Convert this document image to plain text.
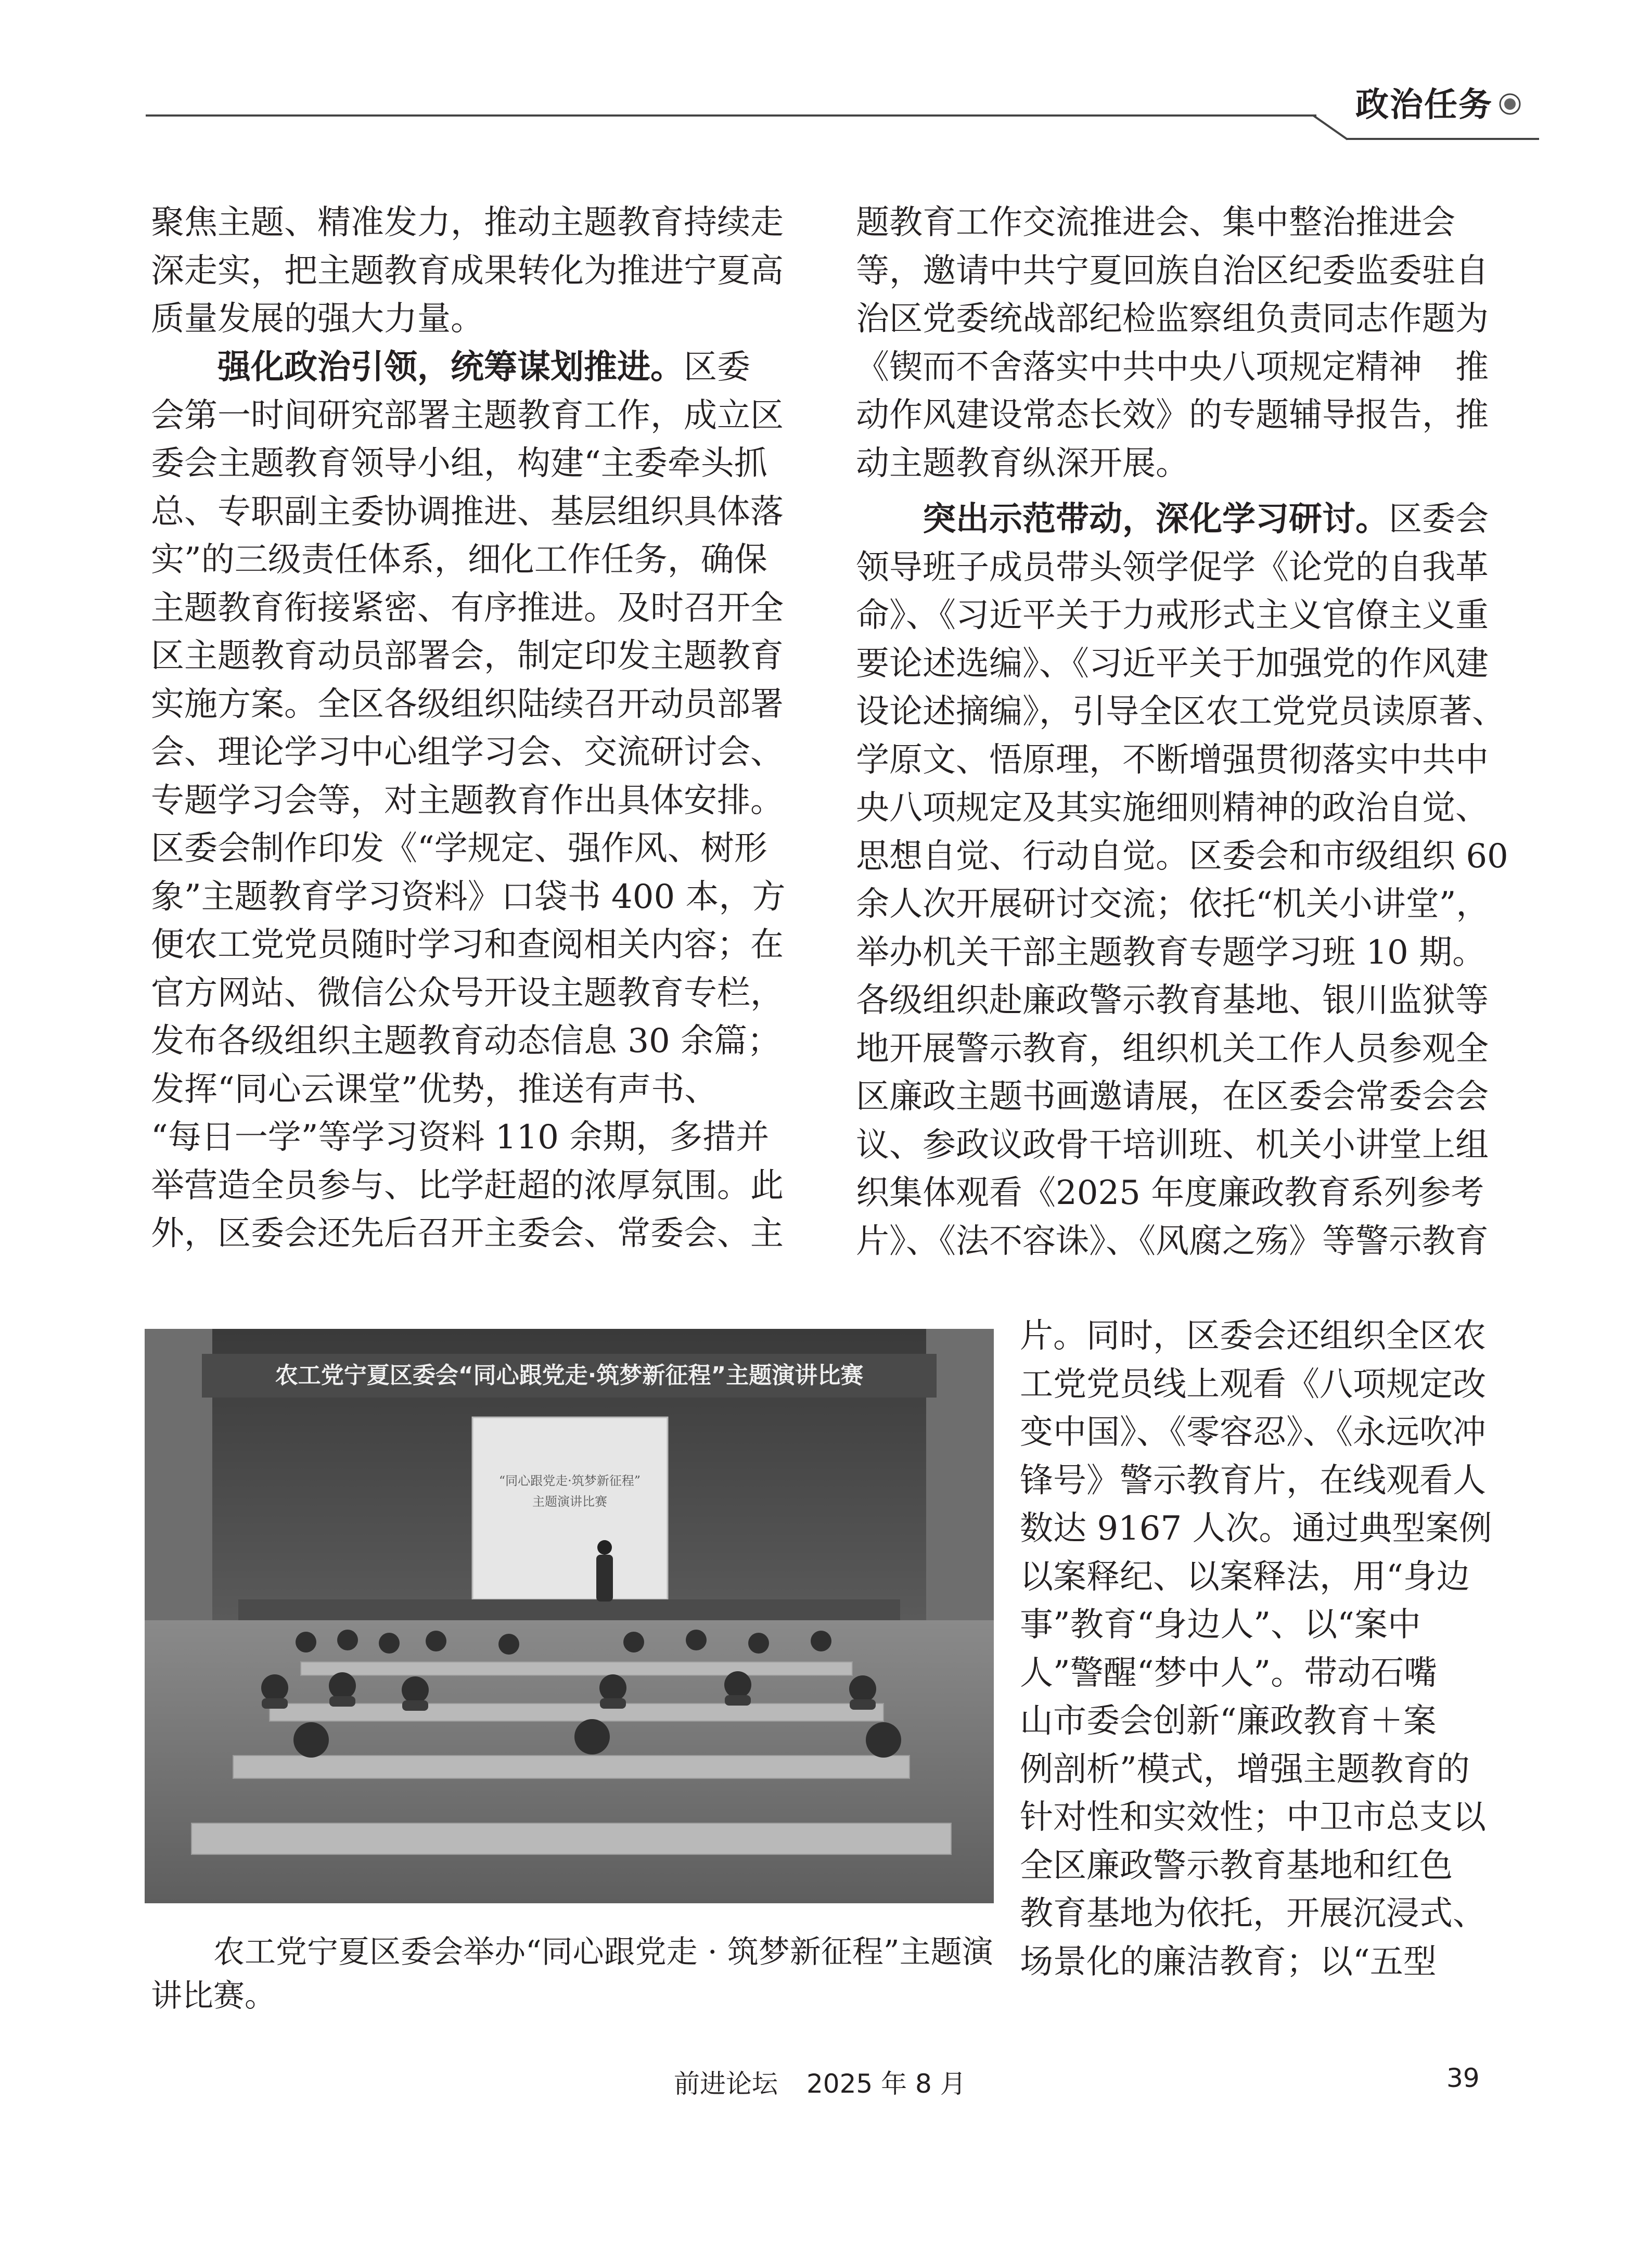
政治任务
聚焦主题、精准发力，推动主题教育持续走
深走实，把主题教育成果转化为推进宁夏高
质量发展的强大力量。
强化政治引领，统筹谋划推进。区委
会第一时间研究部署主题教育工作，成立区
委会主题教育领导小组，构建“主委牵头抓
总、专职副主委协调推进、基层组织具体落
实”的三级责任体系，细化工作任务，确保
主题教育衔接紧密、有序推进。及时召开全
区主题教育动员部署会，制定印发主题教育
实施方案。全区各级组织陆续召开动员部署
会、理论学习中心组学习会、交流研讨会、
专题学习会等，对主题教育作出具体安排。
区委会制作印发《“学规定、强作风、树形
象”主题教育学习资料》口袋书 400 本，方
便农工党党员随时学习和查阅相关内容；在
官方网站、微信公众号开设主题教育专栏，
发布各级组织主题教育动态信息 30 余篇；
发挥“同心云课堂”优势，推送有声书、
“每日一学”等学习资料 110 余期，多措并
举营造全员参与、比学赶超的浓厚氛围。此
外，区委会还先后召开主委会、常委会、主
题教育工作交流推进会、集中整治推进会
等，邀请中共宁夏回族自治区纪委监委驻自
治区党委统战部纪检监察组负责同志作题为
《锲而不舍落实中共中央八项规定精神　推
动作风建设常态长效》的专题辅导报告，推
动主题教育纵深开展。
突出示范带动，深化学习研讨。区委会
领导班子成员带头领学促学《论党的自我革
命》、《习近平关于力戒形式主义官僚主义重
要论述选编》、《习近平关于加强党的作风建
设论述摘编》，引导全区农工党党员读原著、
学原文、悟原理，不断增强贯彻落实中共中
央八项规定及其实施细则精神的政治自觉、
思想自觉、行动自觉。区委会和市级组织 60
余人次开展研讨交流；依托“机关小讲堂”，
举办机关干部主题教育专题学习班 10 期。
各级组织赴廉政警示教育基地、银川监狱等
地开展警示教育，组织机关工作人员参观全
区廉政主题书画邀请展，在区委会常委会会
议、参政议政骨干培训班、机关小讲堂上组
织集体观看《2025 年度廉政教育系列参考
片》、《法不容诛》、《风腐之殇》等警示教育
片。同时，区委会还组织全区农
工党党员线上观看《八项规定改
变中国》、《零容忍》、《永远吹冲
锋号》警示教育片，在线观看人
数达 9167 人次。通过典型案例
以案释纪、以案释法，用“身边
事”教育“身边人”、以“案中
人”警醒“梦中人”。带动石嘴
山市委会创新“廉政教育＋案
例剖析”模式，增强主题教育的
针对性和实效性；中卫市总支以
全区廉政警示教育基地和红色
教育基地为依托，开展沉浸式、
场景化的廉洁教育；以“五型
农工党宁夏区委会“同心跟党走·筑梦新征程”主题演讲比赛
“同心跟党走·筑梦新征程”
主题演讲比赛
农工党宁夏区委会举办“同心跟党走 · 筑梦新征程”主题演
讲比赛。
前进论坛 2025 年 8 月	39
